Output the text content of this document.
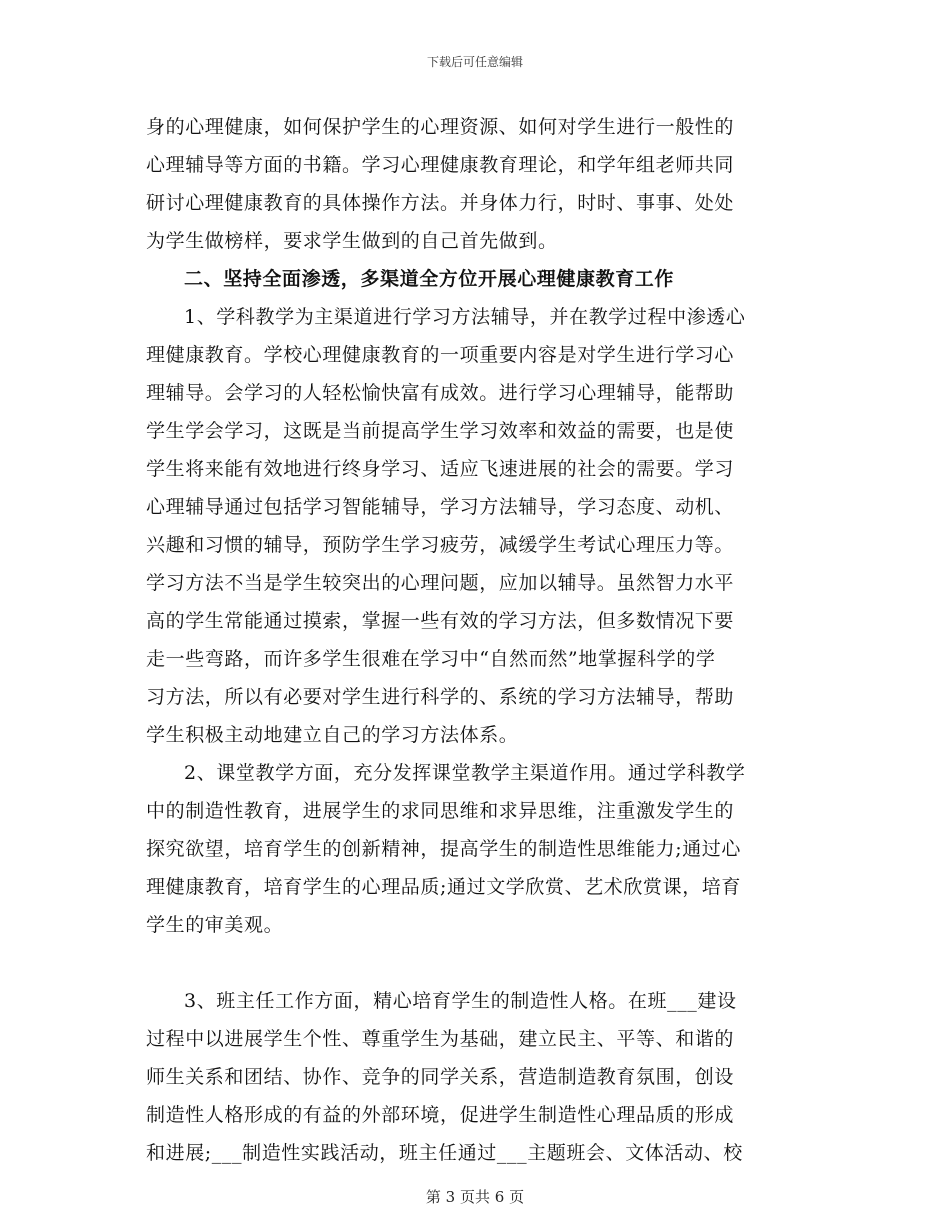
下载后可任意编辑
身的心理健康，如何保护学生的心理资源、如何对学生进行一般性的
心理辅导等方面的书籍。学习心理健康教育理论，和学年组老师共同
研讨心理健康教育的具体操作方法。并身体力行，时时、事事、处处
为学生做榜样，要求学生做到的自己首先做到。
二、坚持全面渗透，多渠道全方位开展心理健康教育工作
1、学科教学为主渠道进行学习方法辅导，并在教学过程中渗透心
理健康教育。学校心理健康教育的一项重要内容是对学生进行学习心
理辅导。会学习的人轻松愉快富有成效。进行学习心理辅导，能帮助
学生学会学习，这既是当前提高学生学习效率和效益的需要，也是使
学生将来能有效地进行终身学习、适应飞速进展的社会的需要。学习
心理辅导通过包括学习智能辅导，学习方法辅导，学习态度、动机、
兴趣和习惯的辅导，预防学生学习疲劳，减缓学生考试心理压力等。
学习方法不当是学生较突出的心理问题，应加以辅导。虽然智力水平
高的学生常能通过摸索，掌握一些有效的学习方法，但多数情况下要
走一些弯路，而许多学生很难在学习中“自然而然”地掌握科学的学
习方法，所以有必要对学生进行科学的、系统的学习方法辅导，帮助
学生积极主动地建立自己的学习方法体系。
2、课堂教学方面，充分发挥课堂教学主渠道作用。通过学科教学
中的制造性教育，进展学生的求同思维和求异思维，注重激发学生的
探究欲望，培育学生的创新精神，提高学生的制造性思维能力;通过心
理健康教育，培育学生的心理品质;通过文学欣赏、艺术欣赏课，培育
学生的审美观。
3、班主任工作方面，精心培育学生的制造性人格。在班___建设
过程中以进展学生个性、尊重学生为基础，建立民主、平等、和谐的
师生关系和团结、协作、竞争的同学关系，营造制造教育氛围，创设
制造性人格形成的有益的外部环境，促进学生制造性心理品质的形成
和进展;___制造性实践活动，班主任通过___主题班会、文体活动、校
第 3 页共 6 页
